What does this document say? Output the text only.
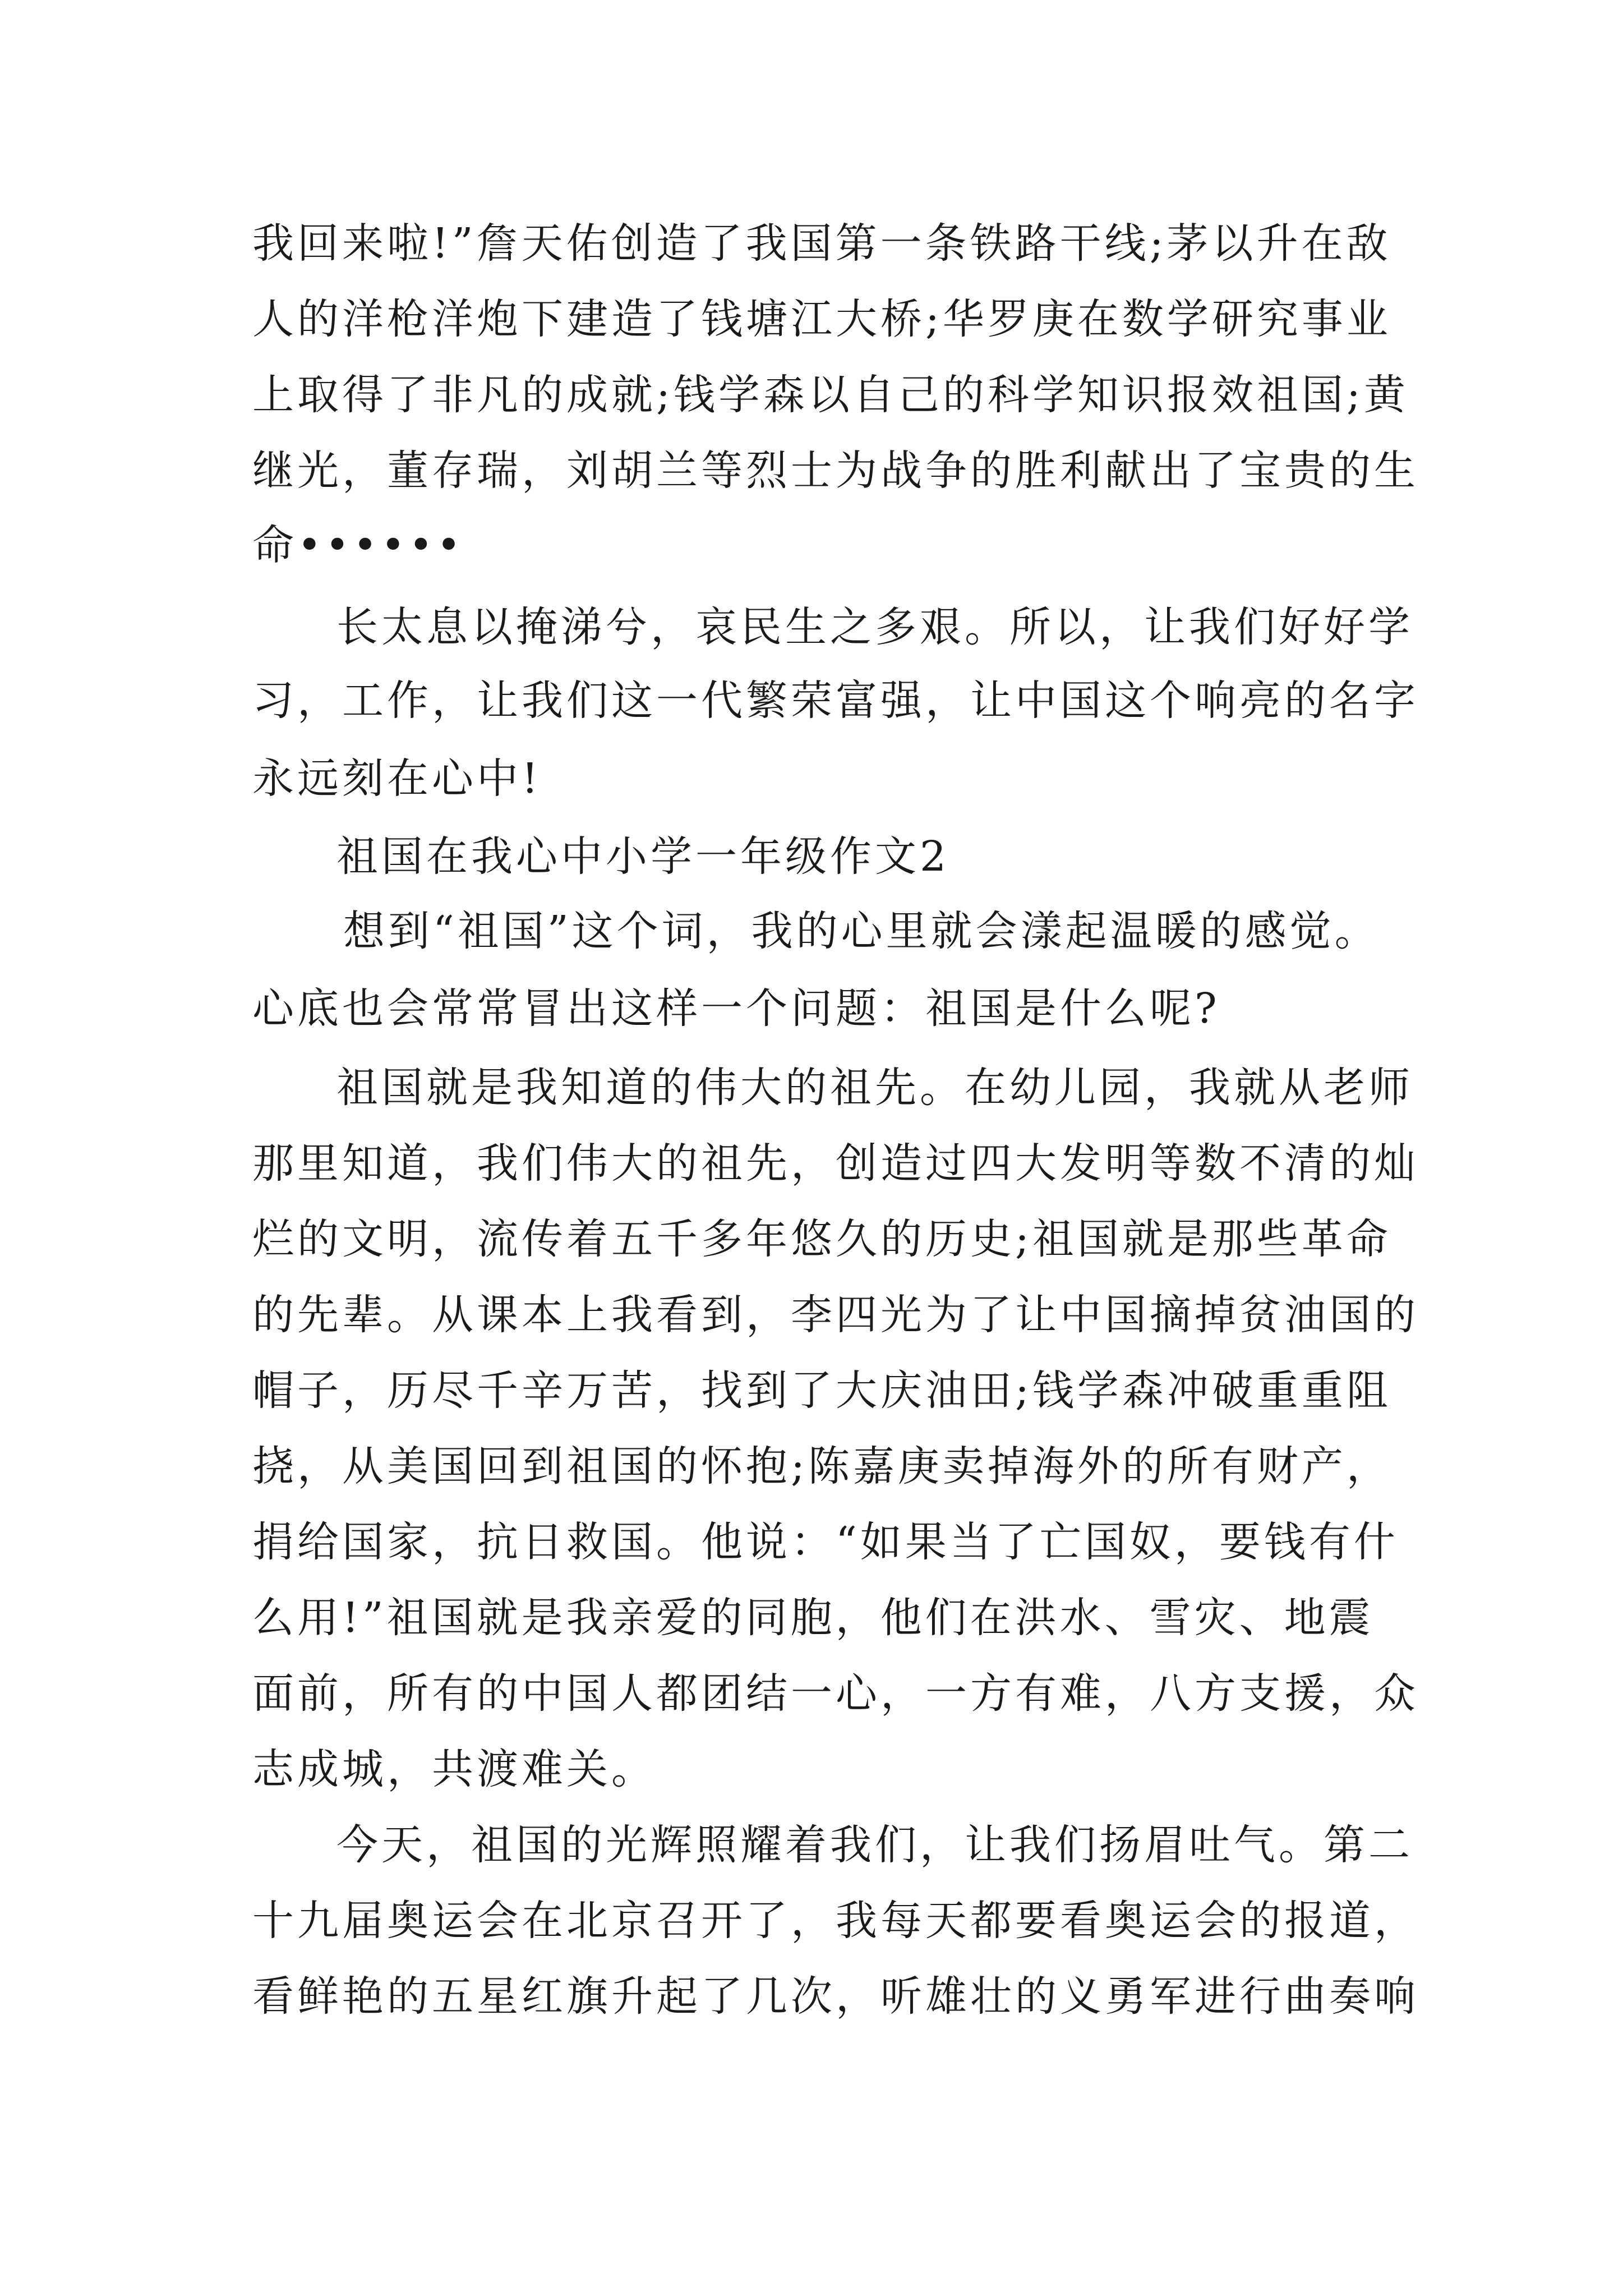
我回来啦!”詹天佑创造了我国第一条铁路干线;茅以升在敌
人的洋枪洋炮下建造了钱塘江大桥;华罗庚在数学研究事业
上取得了非凡的成就;钱学森以自己的科学知识报效祖国;黄
继光，董存瑞，刘胡兰等烈士为战争的胜利献出了宝贵的生
命••••••
长太息以掩涕兮，哀民生之多艰。所以，让我们好好学
习，工作，让我们这一代繁荣富强，让中国这个响亮的名字
永远刻在心中!
祖国在我心中小学一年级作文2
想到“祖国”这个词，我的心里就会漾起温暖的感觉。
心底也会常常冒出这样一个问题：祖国是什么呢?
祖国就是我知道的伟大的祖先。在幼儿园，我就从老师
那里知道，我们伟大的祖先，创造过四大发明等数不清的灿
烂的文明，流传着五千多年悠久的历史;祖国就是那些革命
的先辈。从课本上我看到，李四光为了让中国摘掉贫油国的
帽子，历尽千辛万苦，找到了大庆油田;钱学森冲破重重阻
挠，从美国回到祖国的怀抱;陈嘉庚卖掉海外的所有财产，
捐给国家，抗日救国。他说：“如果当了亡国奴，要钱有什
么用!”祖国就是我亲爱的同胞，他们在洪水、雪灾、地震
面前，所有的中国人都团结一心，一方有难，八方支援，众
志成城，共渡难关。
今天，祖国的光辉照耀着我们，让我们扬眉吐气。第二
十九届奥运会在北京召开了，我每天都要看奥运会的报道，
看鲜艳的五星红旗升起了几次，听雄壮的义勇军进行曲奏响
